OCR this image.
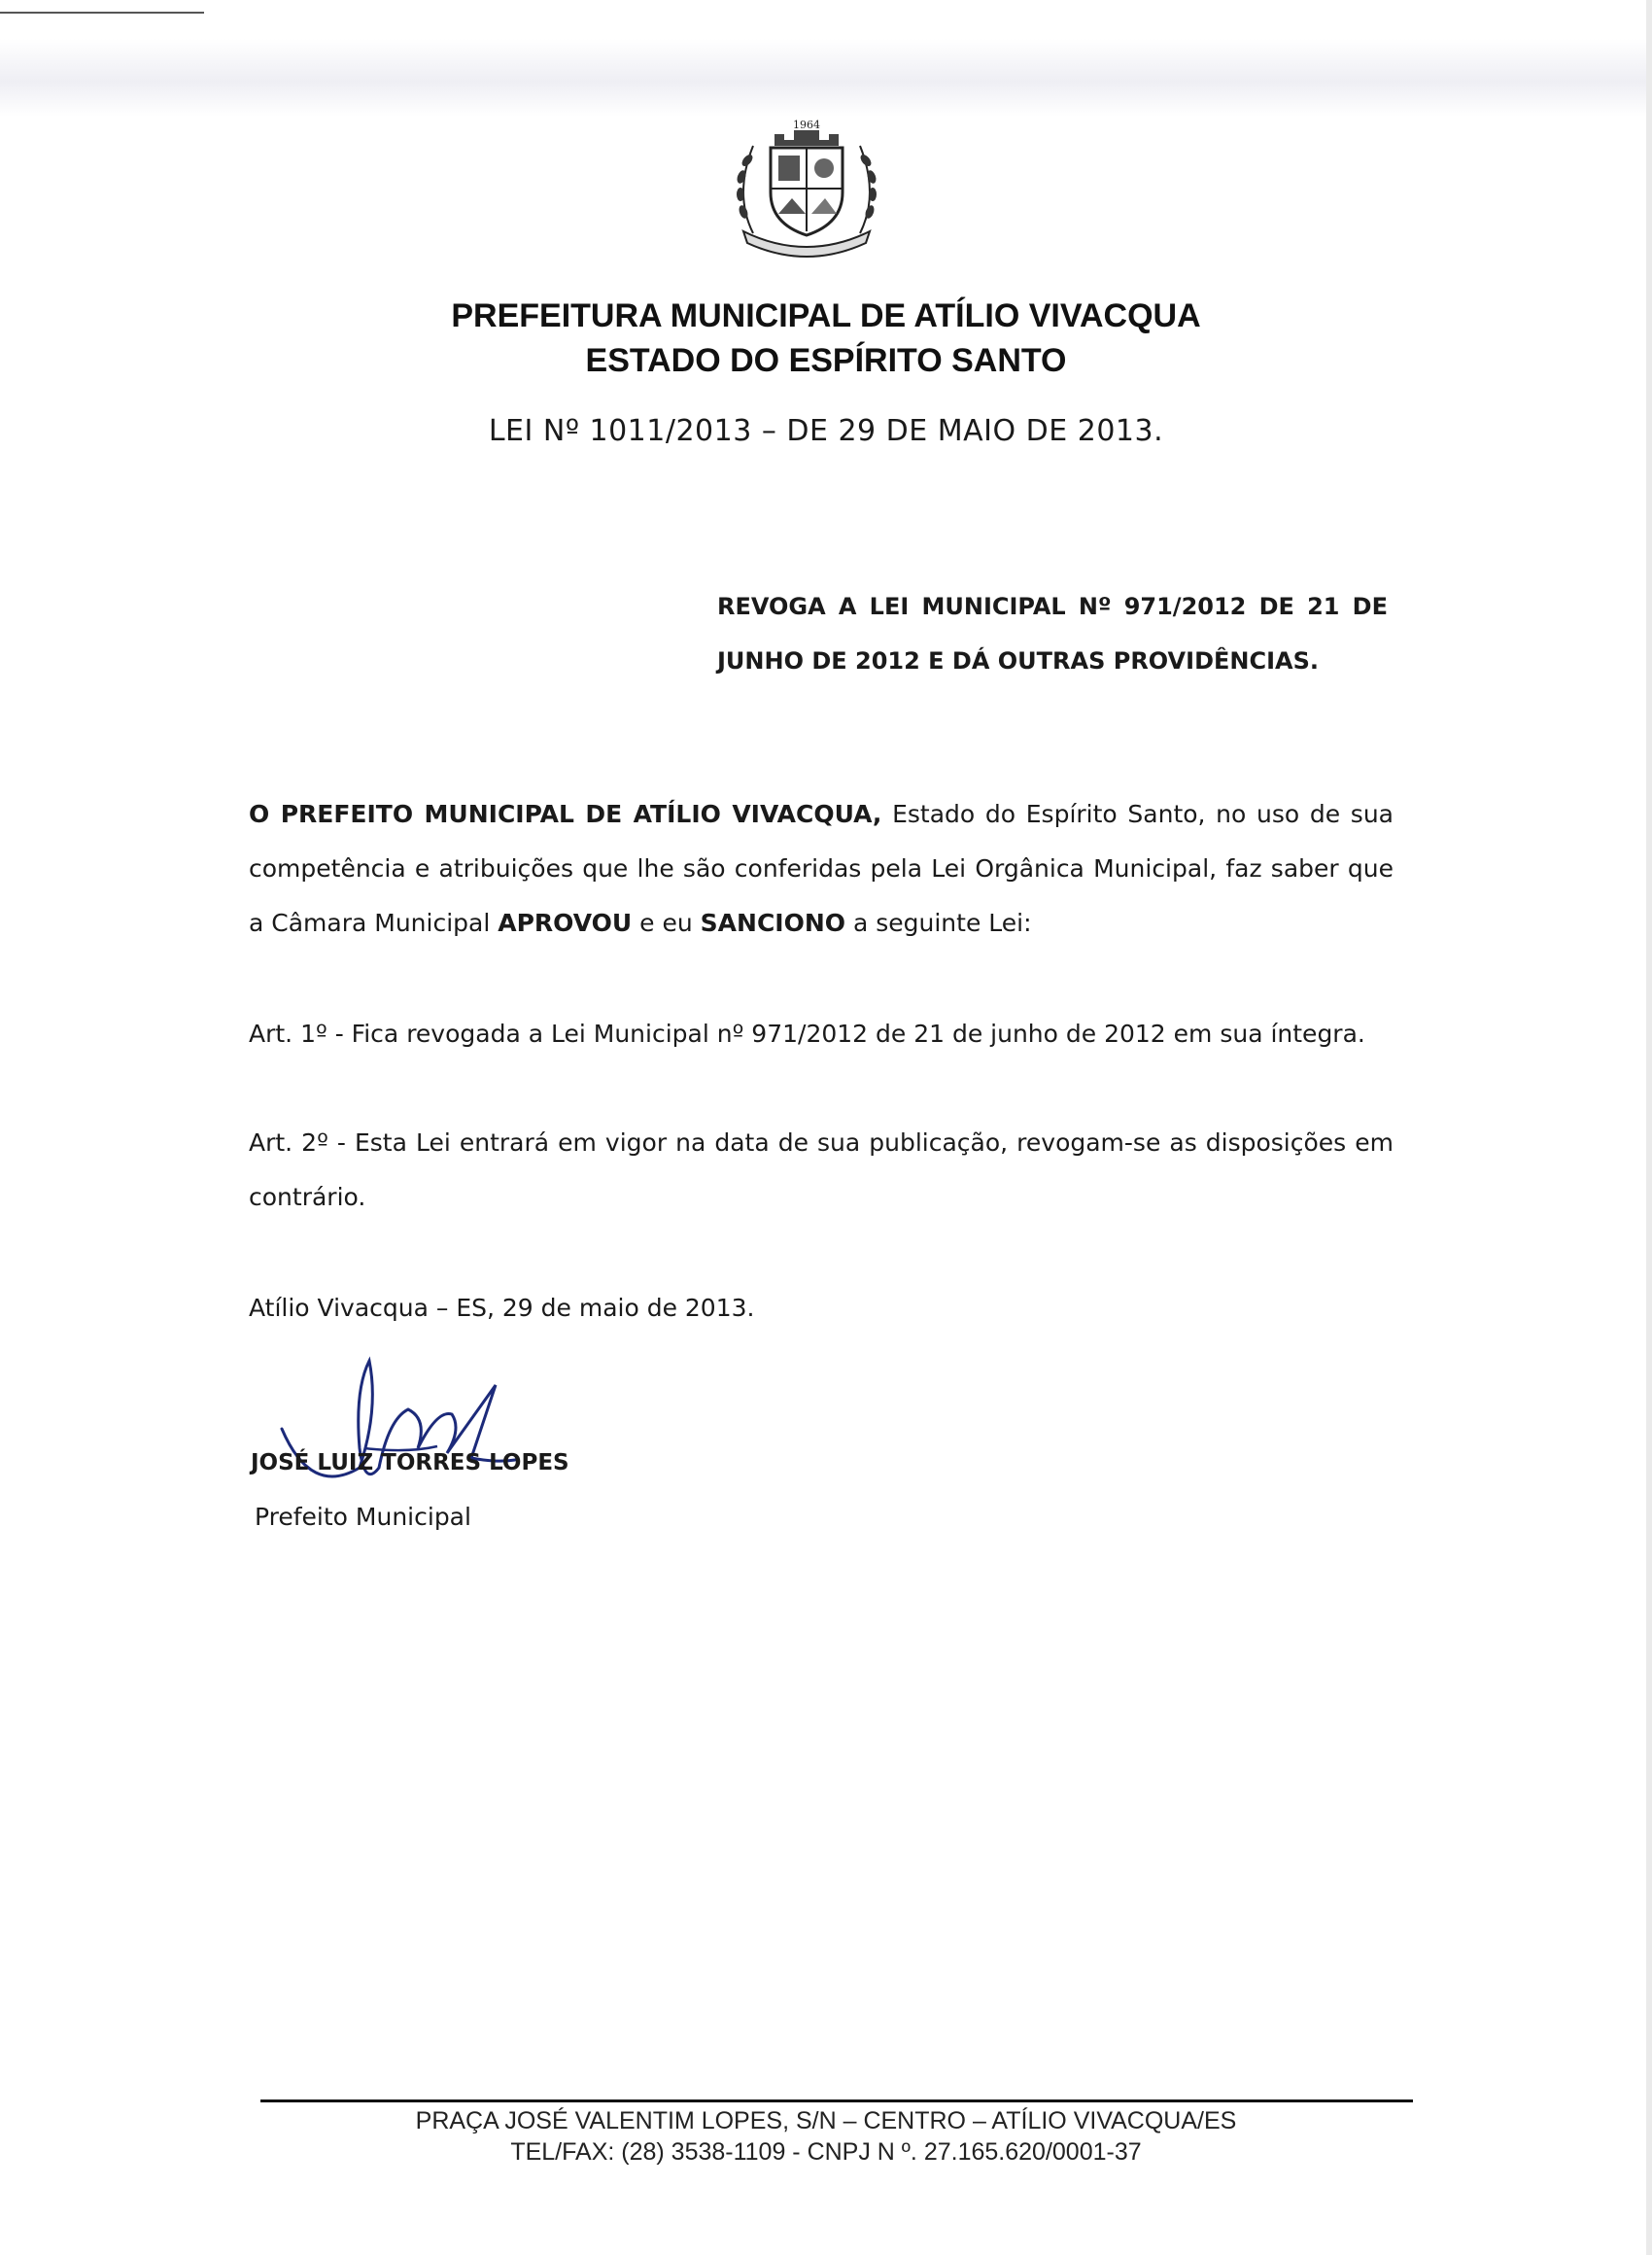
1964
PREFEITURA MUNICIPAL DE ATÍLIO VIVACQUA
ESTADO DO ESPÍRITO SANTO
LEI Nº 1011/2013 – DE 29 DE MAIO DE 2013.
REVOGA A LEI MUNICIPAL Nº 971/2012 DE 21 DE JUNHO DE 2012 E DÁ OUTRAS PROVIDÊNCIAS.
O PREFEITO MUNICIPAL DE ATÍLIO VIVACQUA, Estado do Espírito Santo, no uso de sua competência e atribuições que lhe são conferidas pela Lei Orgânica Municipal, faz saber que a Câmara Municipal APROVOU e eu SANCIONO a seguinte Lei:
Art. 1º - Fica revogada a Lei Municipal nº 971/2012 de 21 de junho de 2012 em sua íntegra.
Art. 2º - Esta Lei entrará em vigor na data de sua publicação, revogam-se as disposições em contrário.
Atílio Vivacqua – ES, 29 de maio de 2013.
JOSÉ LUIZ TORRES LOPES
Prefeito Municipal
PRAÇA JOSÉ VALENTIM LOPES, S/N – CENTRO – ATÍLIO VIVACQUA/ES
TEL/FAX: (28) 3538-1109 - CNPJ N º. 27.165.620/0001-37
